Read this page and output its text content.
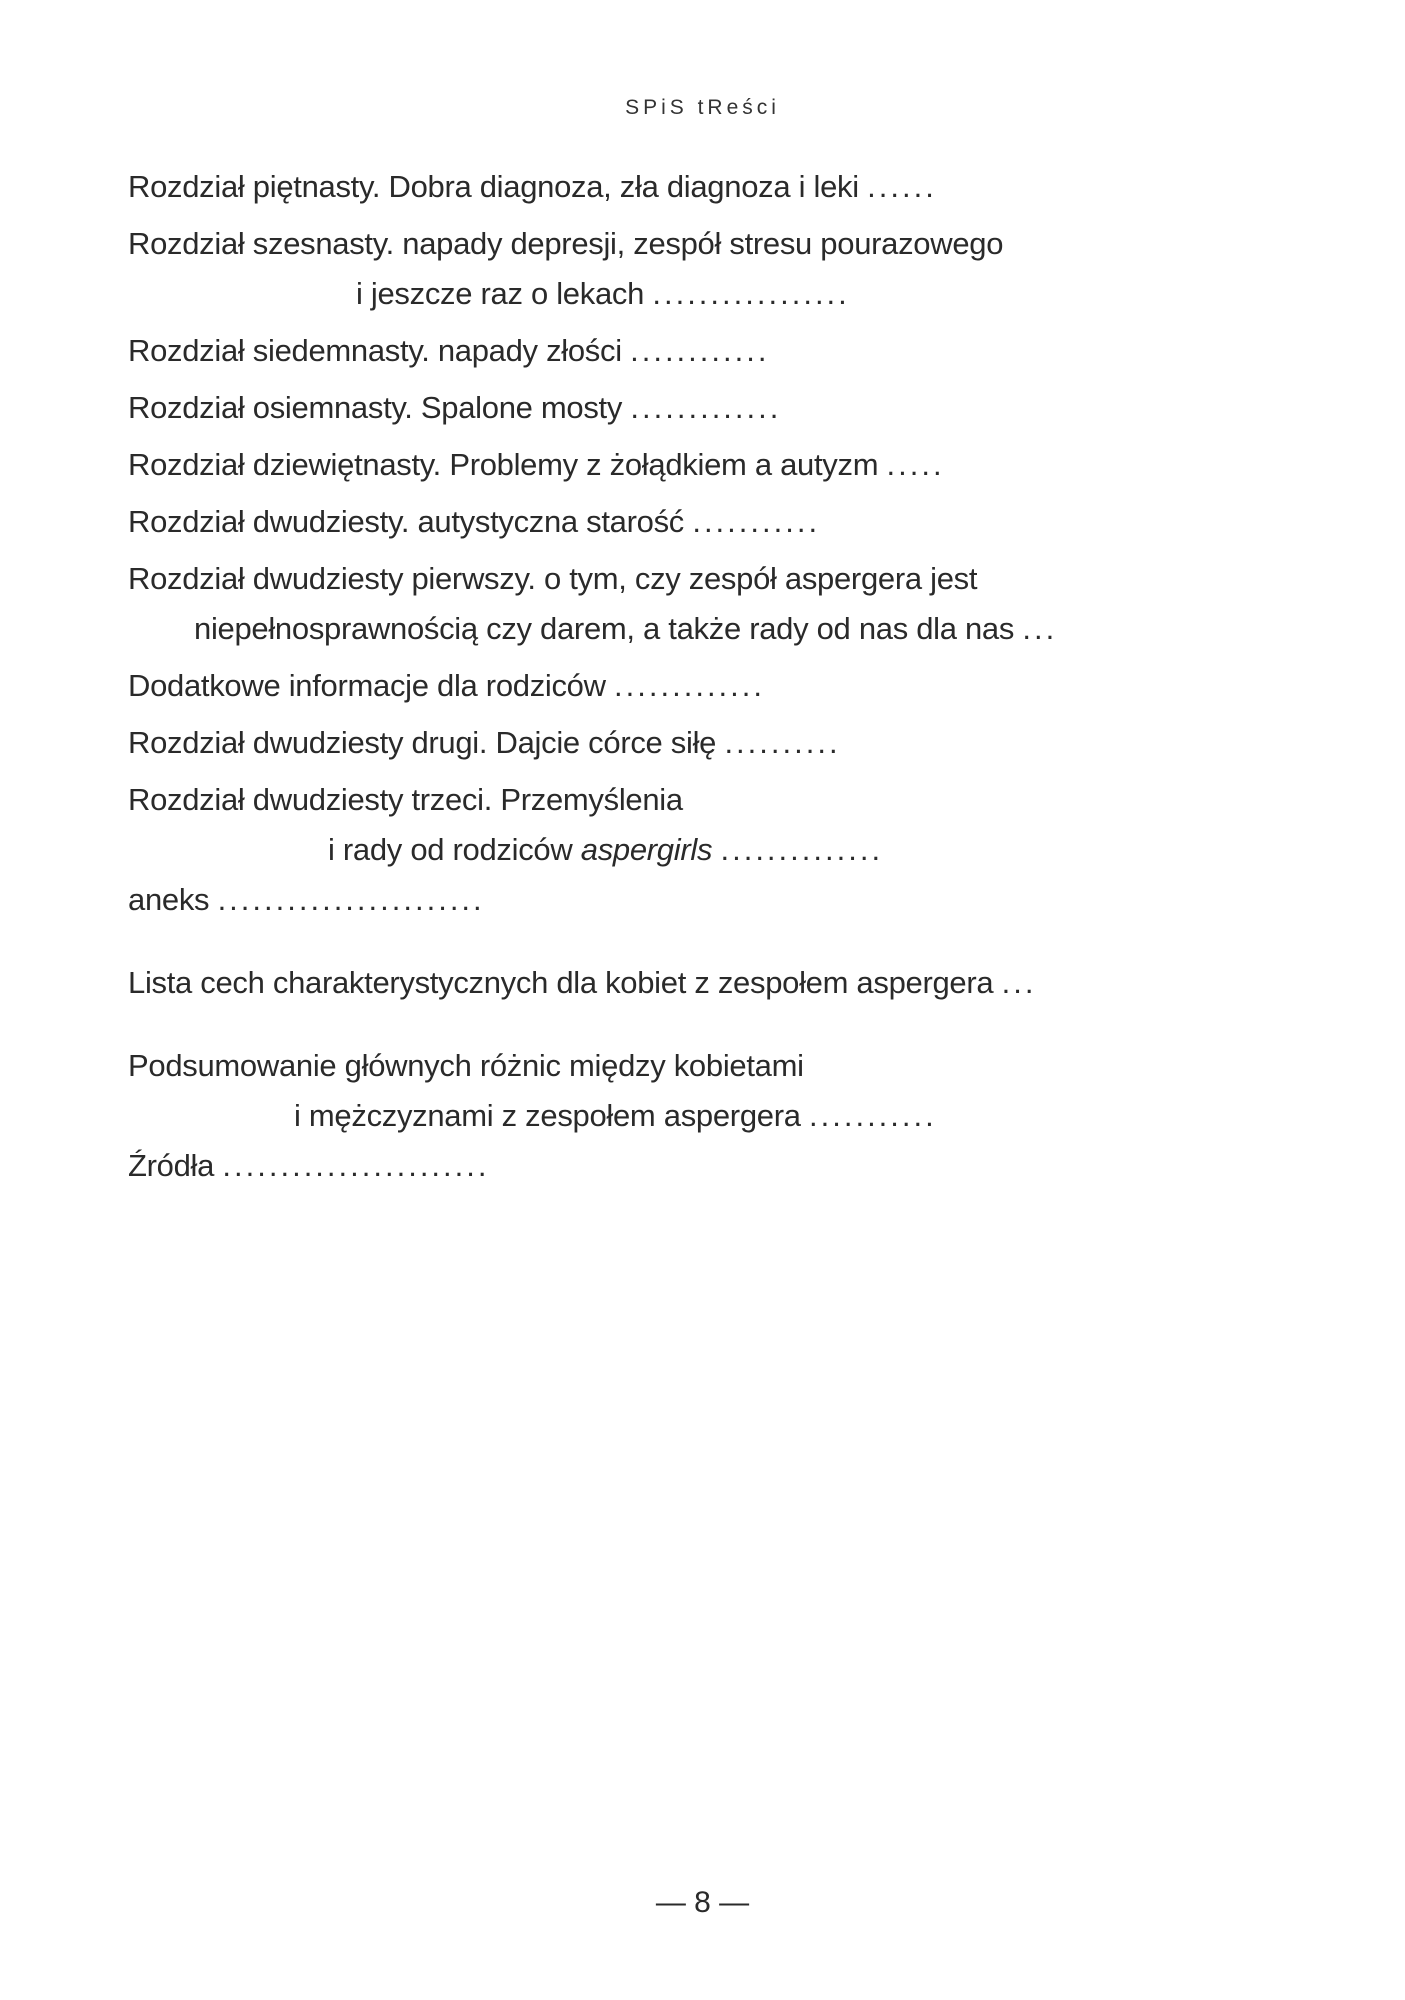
SPiS tReści
Rozdział piętnasty. Dobra diagnoza, zła diagnoza i leki ......
Rozdział szesnasty. napady depresji, zespół stresu pourazowego
i jeszcze raz o lekach .................
Rozdział siedemnasty. napady złości ............
Rozdział osiemnasty. Spalone mosty .............
Rozdział dziewiętnasty. Problemy z żołądkiem a autyzm .....
Rozdział dwudziesty. autystyczna starość ...........
Rozdział dwudziesty pierwszy. o tym, czy zespół aspergera jest
niepełnosprawnością czy darem, a także rady od nas dla nas ...
Dodatkowe informacje dla rodziców .............
Rozdział dwudziesty drugi. Dajcie córce siłę ..........
Rozdział dwudziesty trzeci. Przemyślenia
i rady od rodziców aspergirls ..............
aneks .......................
Lista cech charakterystycznych dla kobiet z zespołem aspergera ...
Podsumowanie głównych różnic między kobietami
i mężczyznami z zespołem aspergera ...........
Źródła .......................
— 8 —
